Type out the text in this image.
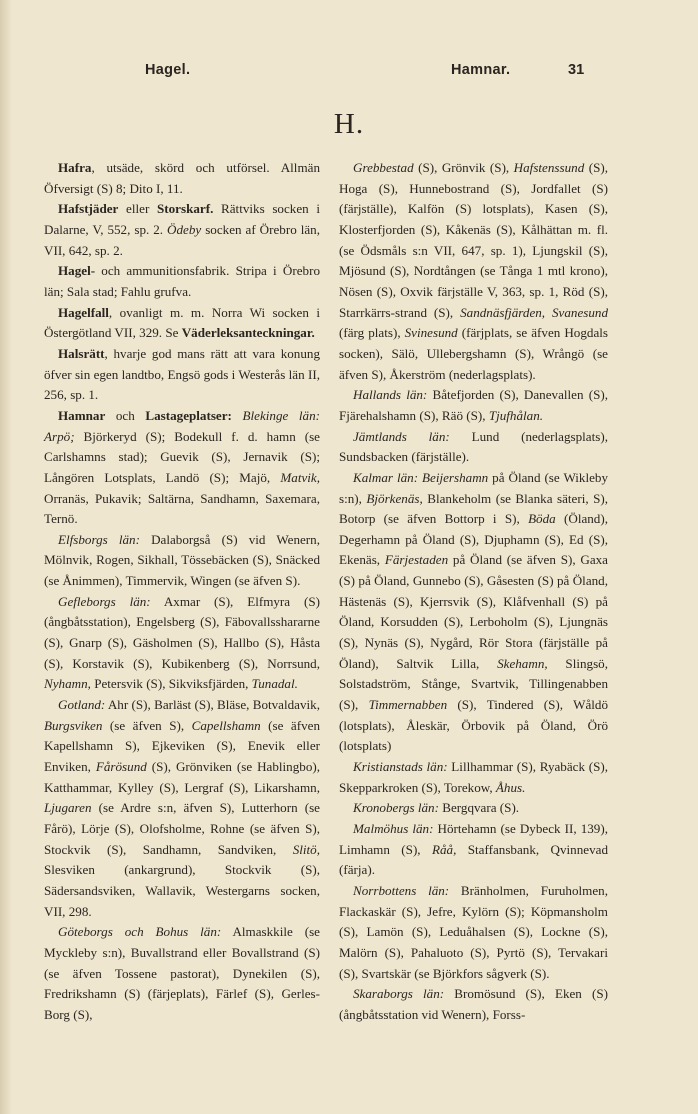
Hagel.	Hamnar.	31
H.

Hafra, utsäde, skörd och utförsel. Allmän Öfversigt (S) 8; Dito I, 11.

Hafstjäder eller Storskarf. Rättviks socken i Dalarne, V, 552, sp. 2. Ödeby socken af Örebro län, VII, 642, sp. 2.

Hagel- och ammunitionsfabrik. Stripa i Örebro län; Sala stad; Fahlu grufva.

Hagelfall, ovanligt m. m. Norra Wi socken i Östergötland VII, 329. Se Väderleksanteckningar.

Halsrätt, hvarje god mans rätt att vara konung öfver sin egen landtbo, Engsö gods i Westerås län II, 256, sp. 1.

Hamnar och Lastageplatser: Blekinge län: Arpö; Björkeryd (S); Bodekull f. d. hamn (se Carlshamns stad); Guevik (S), Jernavik (S); Långören Lotsplats, Landö (S); Majö, Matvik, Orranäs, Pukavik; Saltärna, Sandhamn, Saxemara, Ternö.

Elfsborgs län: Dalaborgså (S) vid Wenern, Mölnvik, Rogen, Sikhall, Tössebäcken (S), Snäcked (se Ånimmen), Timmervik, Wingen (se äfven S).

Gefleborgs län: Axmar (S), Elfmyra (S) (ångbåtsstation), Engelsberg (S), Fäbovallsshararne (S), Gnarp (S), Gäsholmen (S), Hallbo (S), Håsta (S), Korstavik (S), Kubikenberg (S), Norrsund, Nyhamn, Petersvik (S), Sikviksfjärden, Tunadal.

Gotland: Ahr (S), Barläst (S), Bläse, Botvaldavik, Burgsviken (se äfven S), Capellshamn (se äfven Kapellshamn S), Ejkeviken (S), Enevik eller Enviken, Fårösund (S), Grönviken (se Hablingbo), Katthammar, Kylley (S), Lergraf (S), Likarshamn, Ljugaren (se Ardre s:n, äfven S), Lutterhorn (se Fårö), Lörje (S), Olofsholme, Rohne (se äfven S), Stockvik (S), Sandhamn, Sandviken, Slitö, Slesviken (ankargrund), Stockvik (S), Sädersandsviken, Wallavik, Westergarns socken, VII, 298.

Göteborgs och Bohus län: Almaskkile (se Myckleby s:n), Buvallstrand eller Bovallstrand (S) (se äfven Tossene pastorat), Dynekilen (S), Fredrikshamn (S) (färjeplats), Färlef (S), Gerles-Borg (S),

Grebbestad (S), Grönvik (S), Hafstenssund (S), Hoga (S), Hunnebostrand (S), Jordfallet (S) (färjställe), Kalfön (S) lotsplats), Kasen (S), Klosterfjorden (S), Kåkenäs (S), Kålhättan m. fl. (se Ödsmåls s:n VII, 647, sp. 1), Ljungskil (S), Mjösund (S), Nordtången (se Tånga 1 mtl krono), Nösen (S), Oxvik färjställe V, 363, sp. 1, Röd (S), Starrkärrs-strand (S), Sandnäsfjärden, Svanesund (färg plats), Svinesund (färjplats, se äfven Hogdals socken), Sälö, Ullebergshamn (S), Wrångö (se äfven S), Åkerström (nederlagsplats).

Hallands län: Båtefjorden (S), Danevallen (S), Fjärehalshamn (S), Räö (S), Tjufhålan.

Jämtlands län: Lund (nederlagsplats), Sundsbacken (färjställe).

Kalmar län: Beijershamn på Öland (se Wikleby s:n), Björkenäs, Blankeholm (se Blanka säteri, S), Botorp (se äfven Bottorp i S), Böda (Öland), Degerhamn på Öland (S), Djuphamn (S), Ed (S), Ekenäs, Färjestaden på Öland (se äfven S), Gaxa (S) på Öland, Gunnebo (S), Gåsesten (S) på Öland, Hästenäs (S), Kjerrsvik (S), Klåfvenhall (S) på Öland, Korsudden (S), Lerboholm (S), Ljungnäs (S), Nynäs (S), Nygård, Rör Stora (färjställe på Öland), Saltvik Lilla, Skehamn, Slingsö, Solstadström, Stånge, Svartvik, Tillingenabben (S), Timmernabben (S), Tindered (S), Wåldö (lotsplats), Åleskär, Örbovik på Öland, Örö (lotsplats)

Kristianstads län: Lillhammar (S), Ryabäck (S), Skepparkroken (S), Torekow, Åhus.

Kronobergs län: Bergqvara (S).

Malmöhus län: Hörtehamn (se Dybeck II, 139), Limhamn (S), Råå, Staffansbank, Qvinnevad (färja).

Norrbottens län: Bränholmen, Furuholmen, Flackaskär (S), Jefre, Kylörn (S); Köpmansholm (S), Lamön (S), Leduåhalsen (S), Lockne (S), Malörn (S), Pahaluoto (S), Pyrtö (S), Tervakari (S), Svartskär (se Björkfors sågverk (S).

Skaraborgs län: Bromösund (S), Eken (S) (ångbåtsstation vid Wenern), Forss-
